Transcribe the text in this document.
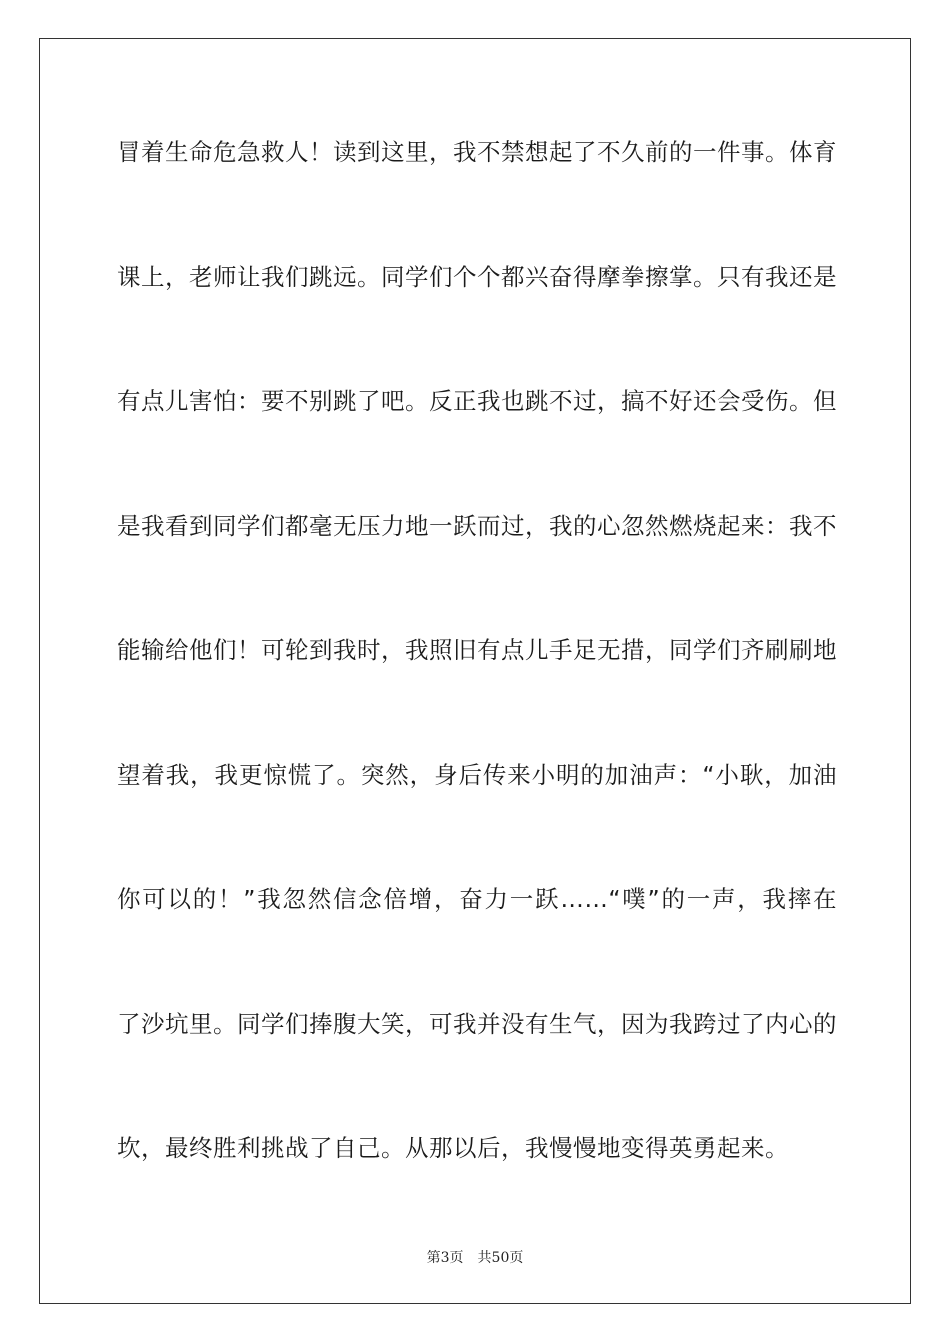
冒着生命危急救人！读到这里，我不禁想起了不久前的一件事。体育
课上，老师让我们跳远。同学们个个都兴奋得摩拳擦掌。只有我还是
有点儿害怕：要不别跳了吧。反正我也跳不过，搞不好还会受伤。但
是我看到同学们都毫无压力地一跃而过，我的心忽然燃烧起来：我不
能输给他们！可轮到我时，我照旧有点儿手足无措，同学们齐刷刷地
望着我，我更惊慌了。突然，身后传来小明的加油声：“小耿，加油
你可以的！”我忽然信念倍增，奋力一跃……“噗”的一声，我摔在
了沙坑里。同学们捧腹大笑，可我并没有生气，因为我跨过了内心的
坎，最终胜利挑战了自己。从那以后，我慢慢地变得英勇起来。
第3页 共50页
